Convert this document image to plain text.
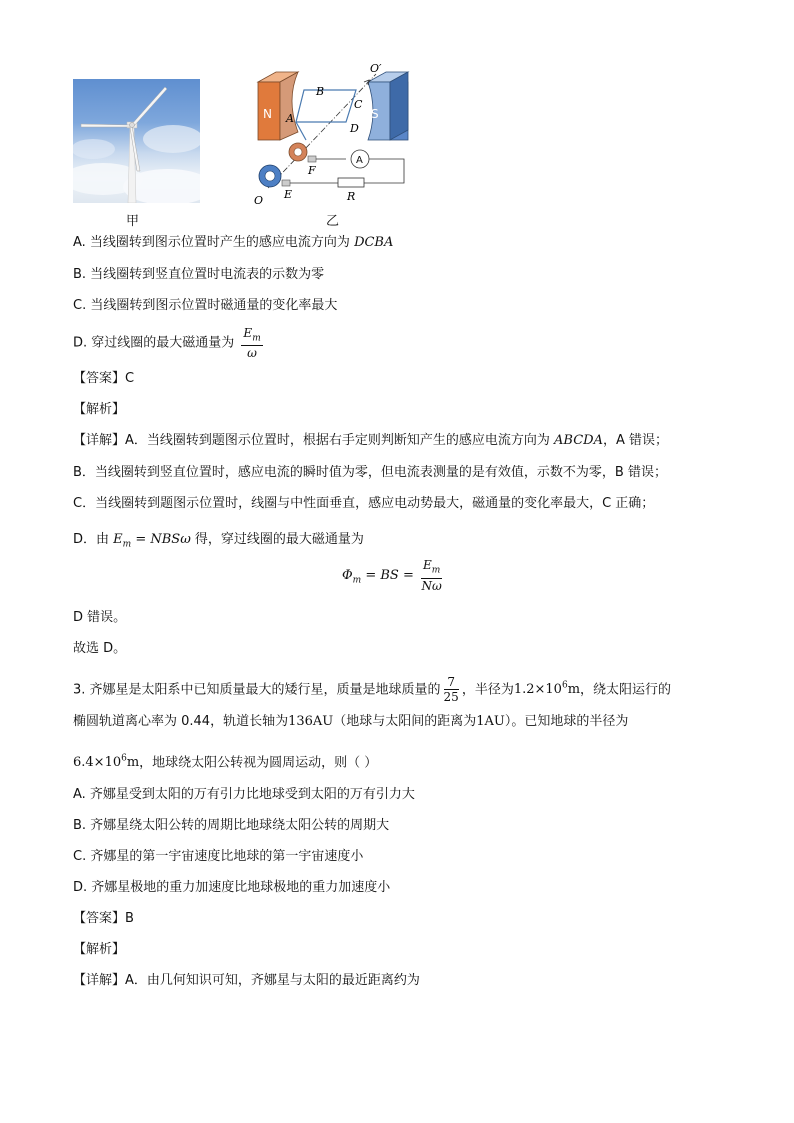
甲
N	S
A
B
A
C
D
O′
O E
F
R
乙
A. 当线圈转到图示位置时产生的感应电流方向为 DCBA
B. 当线圈转到竖直位置时电流表的示数为零
C. 当线圈转到图示位置时磁通量的变化率最大
D. 穿过线圈的最大磁通量为 $\frac{E_m}{\omega}$
【答案】C
【解析】
【详解】A．当线圈转到题图示位置时，根据右手定则判断知产生的感应电流方向为 ABCDA，A 错误；
B．当线圈转到竖直位置时，感应电流的瞬时值为零，但电流表测量的是有效值，示数不为零，B 错误；
C．当线圈转到题图示位置时，线圈与中性面垂直，感应电动势最大，磁通量的变化率最大，C 正确；
D．由 $E_m = NBS\omega$ 得，穿过线圈的最大磁通量为
$\Phi_m$ = BS = $\frac{E_m}{N\omega}$
D 错误。
故选 D。
3. 齐娜星是太阳系中已知质量最大的矮行星，质量是地球质量的 $\frac{7}{25}$ ，半径为$1.2\times 10^6m$，绕太阳运行的
椭圆轨道离心率为 0.44，轨道长轴为136AU（地球与太阳间的距离为1AU）。已知地球的半径为
$6.4\times 10^6m$，地球绕太阳公转视为圆周运动，则（ ）
A. 齐娜星受到太阳的万有引力比地球受到太阳的万有引力大
B. 齐娜星绕太阳公转的周期比地球绕太阳公转的周期大
C. 齐娜星的第一宇宙速度比地球的第一宇宙速度小
D. 齐娜星极地的重力加速度比地球极地的重力加速度小
【答案】B
【解析】
【详解】A．由几何知识可知，齐娜星与太阳的最近距离约为
